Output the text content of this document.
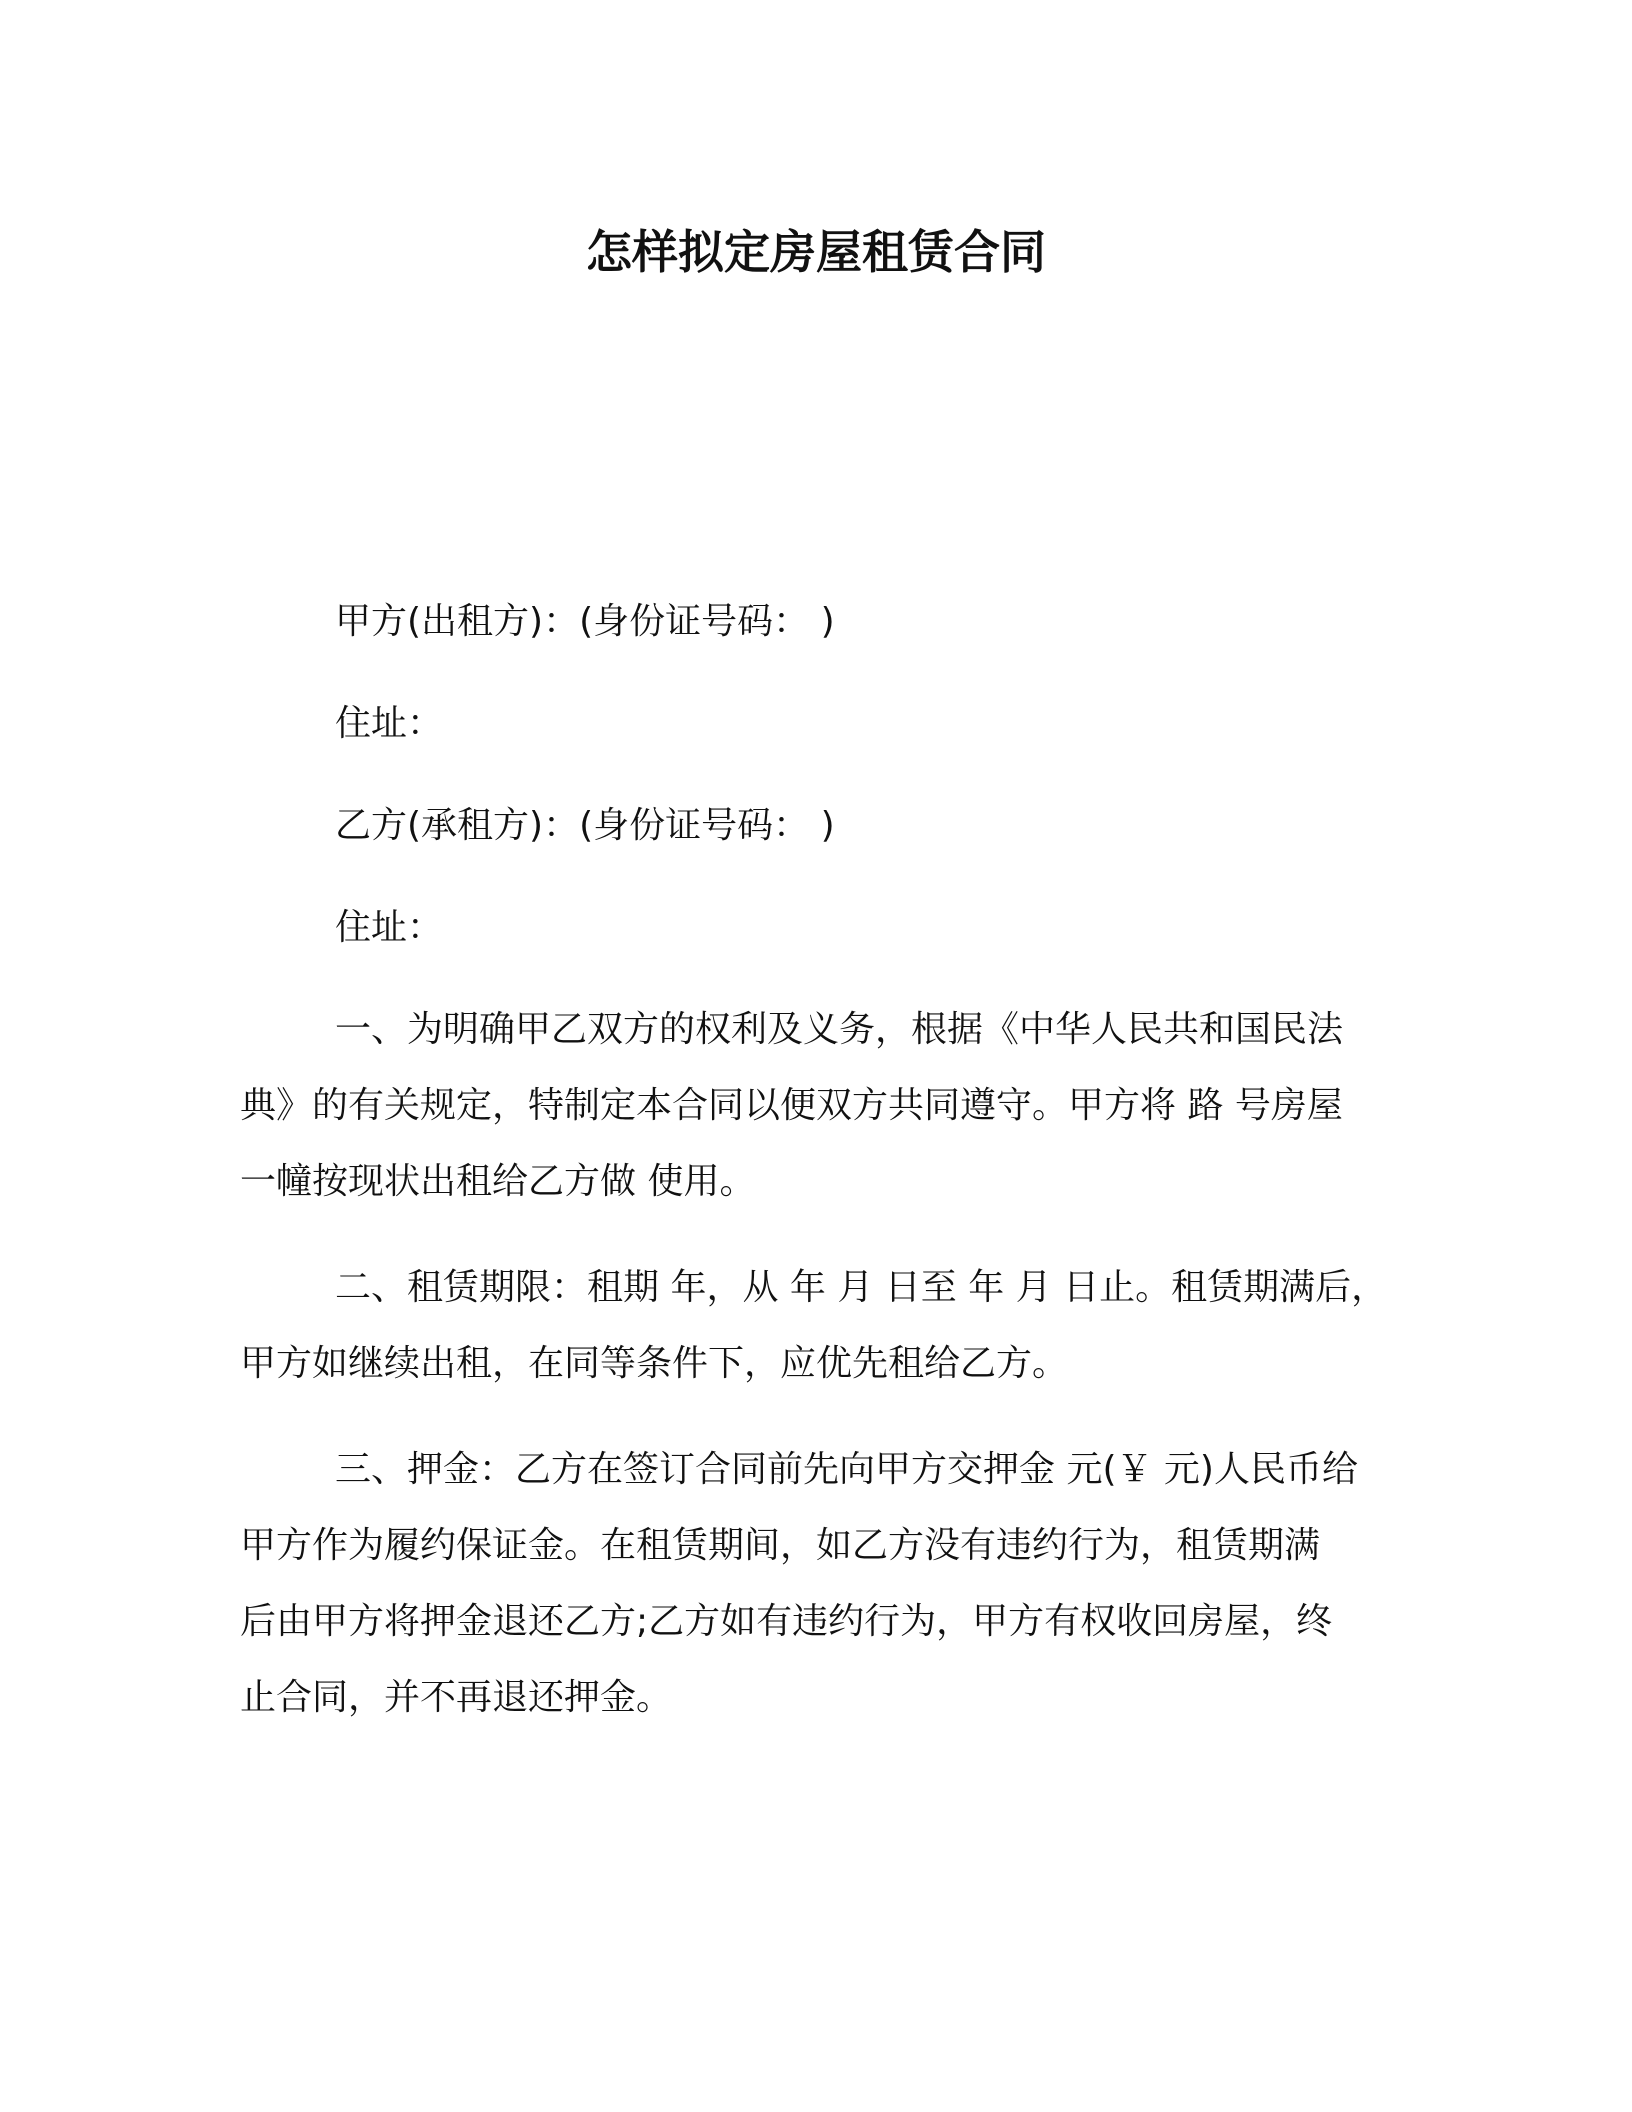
怎样拟定房屋租赁合同
甲方(出租方)：(身份证号码： )
住址：
乙方(承租方)：(身份证号码： )
住址：
一、为明确甲乙双方的权利及义务，根据《中华人民共和国民法
典》的有关规定，特制定本合同以便双方共同遵守。甲方将 路 号房屋
一幢按现状出租给乙方做 使用。
二、租赁期限：租期 年，从 年 月 日至 年 月 日止。租赁期满后，
甲方如继续出租，在同等条件下，应优先租给乙方。
三、押金：乙方在签订合同前先向甲方交押金 元(￥ 元)人民币给
甲方作为履约保证金。在租赁期间，如乙方没有违约行为，租赁期满
后由甲方将押金退还乙方;乙方如有违约行为，甲方有权收回房屋，终
止合同，并不再退还押金。
